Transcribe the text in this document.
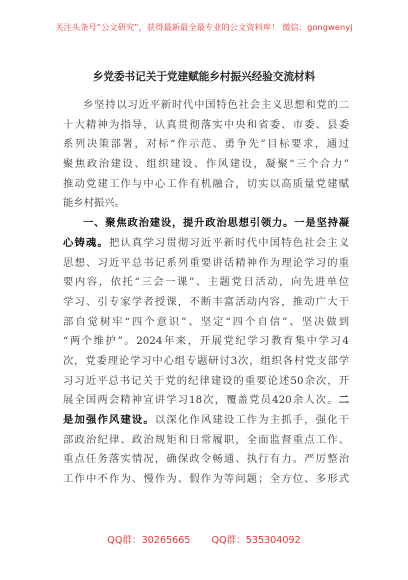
关注头条号“公文研究”，获得最新最全最专业的公文资料库！ 微信：gongwenyj
乡党委书记关于党建赋能乡村振兴经验交流材料
乡坚持以习近平新时代中国特色社会主义思想和党的二
十大精神为指导，认真贯彻落实中央和省委、市委、县委
系列决策部署，对标“作示范、勇争先”目标要求，通过
聚焦政治建设、组织建设、作风建设，凝聚“三个合力”
推动党建工作与中心工作有机融合，切实以高质量党建赋
能乡村振兴。
一、聚焦政治建设，提升政治思想引领力。一是坚持凝
心铸魂。把认真学习贯彻习近平新时代中国特色社会主义
思想、习近平总书记系列重要讲话精神作为理论学习的重
要内容，依托“三会一课”、主题党日活动，向先进单位
学习、引专家学者授课，不断丰富活动内容，推动广大干
部自觉树牢“四个意识”、坚定“四个自信”、坚决做到
“两个维护”。2024年来，开展党纪学习教育集中学习4
次，党委理论学习中心组专题研讨3次，组织各村党支部学
习习近平总书记关于党的纪律建设的重要论述50余次，开
展全国两会精神宣讲学习18次，覆盖党员420余人次。二
是加强作风建设。以深化作风建设工作为主抓手，强化干
部政治纪律、政治规矩和日常履职，全面监督重点工作、
重点任务落实情况，确保政令畅通、执行有力。严厉整治
工作中不作为、慢作为、假作为等问题；全方位、多形式
QQ群：30265665 QQ群：535304092
